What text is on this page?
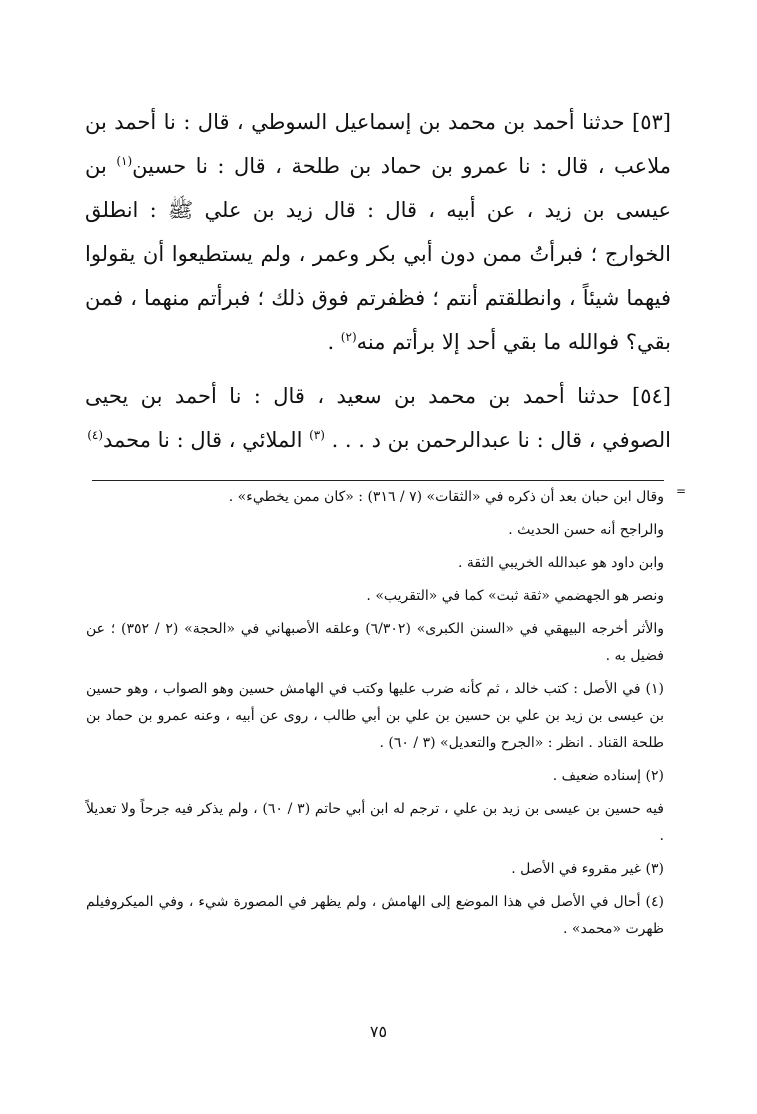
[٥٣] حدثنا أحمد بن محمد بن إسماعيل السوطي ، قال : نا أحمد بن ملاعب ، قال : نا عمرو بن حماد بن طلحة ، قال : نا حسين$^{(١)}$ بن عيسى بن زيد ، عن أبيه ، قال : قال زيد بن علي ﷺ : انطلق الخوارج ؛ فبرأتُ ممن دون أبي بكر وعمر ، ولم يستطيعوا أن يقولوا فيهما شيئاً ، وانطلقتم أنتم ؛ فظفرتم فوق ذلك ؛ فبرأتم منهما ، فمن بقي؟ فوالله ما بقي أحد إلا برأتم منه$^{(٢)}$ .

[٥٤] حدثنا أحمد بن محمد بن سعيد ، قال : نا أحمد بن يحيى الصوفي ، قال : نا عبدالرحمن بن د . . . $^{(٣)}$ الملائي ، قال : نا محمد$^{(٤)}$

=

وقال ابن حبان بعد أن ذكره في «الثقات» (٧ / ٣١٦) : «كان ممن يخطيء» .

والراجح أنه حسن الحديث .

وابن داود هو عبدالله الخريبي الثقة .

ونصر هو الجهضمي «ثقة ثبت» كما في «التقريب» .

والأثر أخرجه البيهقي في «السنن الكبرى» (٦/٣٠٢) وعلقه الأصبهاني في «الحجة» (٢ / ٣٥٢) ؛ عن فضيل به .

(١) في الأصل : كتب خالد ، ثم كأنه ضرب عليها وكتب في الهامش حسين وهو الصواب ، وهو حسين بن عيسى بن زيد بن علي بن حسين بن علي بن أبي طالب ، روى عن أبيه ، وعنه عمرو بن حماد بن طلحة القناد . انظر : «الجرح والتعديل» (٣ / ٦٠) .

(٢) إسناده ضعيف .

فيه حسين بن عيسى بن زيد بن علي ، ترجم له ابن أبي حاتم (٣ / ٦٠) ، ولم يذكر فيه جرحاً ولا تعديلاً .

(٣) غير مقروء في الأصل .

(٤) أحال في الأصل في هذا الموضع إلى الهامش ، ولم يظهر في المصورة شيء ، وفي الميكروفيلم ظهرت «محمد» .

٧٥
